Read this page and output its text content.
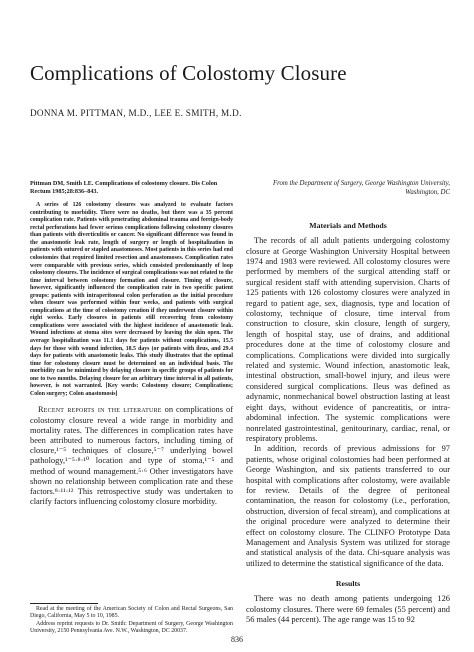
Complications of Colostomy Closure
DONNA M. PITTMAN, M.D., LEE E. SMITH, M.D.

Pittman DM, Smith LE. Complications of colostomy closure. Dis Colon Rectum 1985;28:836–843.

A series of 126 colostomy closures was analyzed to evaluate factors contributing to morbidity. There were no deaths, but there was a 35 percent complication rate. Patients with penetrating abdominal trauma and foreign-body rectal perforations had fewer serious complications following colostomy closures than patients with diverticulitis or cancer. No significant difference was found in the anastomotic leak rate, length of surgery or length of hospitalization in patients with sutured or stapled anastomoses. Most patients in this series had end colostomies that required limited resection and anastomoses. Complication rates were comparable with previous series, which consisted predominantly of loop colostomy closures. The incidence of surgical complications was not related to the time interval between colostomy formation and closure. Timing of closure, however, significantly influenced the complication rate in two specific patient groups: patients with intraperitoneal colon perforation as the initial procedure when closure was performed within four weeks, and patients with surgical complications at the time of colostomy creation if they underwent closure within eight weeks. Early closures in patients still recovering from colostomy complications were associated with the highest incidence of anastomotic leak. Wound infections at stoma sites were decreased by leaving the skin open. The average hospitalization was 11.1 days for patients without complications, 15.5 days for those with wound infection, 18.5 days (or patients with ileus, and 29.4 days for patients with anastomotic leaks. This study illustrates that the optimal time for colostomy closure must be determined on an individual basis. The morbidity can be minimized by delaying closure in specific groups of patients for one to two months. Delaying closure for an arbitrary time interval in all patients, however, is not warranted. [Key words: Colostomy closure; Complications; Colon surgery; Colon anastomosis]

Recent reports in the literature on complications of colostomy closure reveal a wide range in morbidity and mortality rates. The differences in complication rates have been attributed to numerous factors, including timing of closure,¹⁻⁵ techniques of closure,⁵⁻⁷ underlying bowel pathology,¹⁻⁵·⁸·¹⁰ location and type of stoma,¹⁻⁵ and method of wound management.⁵·⁶ Other investigators have shown no relationship between complication rate and these factors.⁸·¹¹·¹² This retrospective study was undertaken to clarify factors influencing colostomy closure morbidity.

Read at the meeting of the American Society of Colon and Rectal Surgeons, San Diego, California, May 5 to 10, 1985.

Address reprint requests to Dr. Smith: Department of Surgery, George Washington University, 2150 Pennsylvania Ave. N.W., Washington, DC 20037.

From the Department of Surgery, George Washington University, Washington, DC

Materials and Methods

The records of all adult patients undergoing colostomy closure at George Washington University Hospital between 1974 and 1983 were reviewed. All colostomy closures were performed by members of the surgical attending staff or surgical resident staff with attending supervision. Charts of 125 patients with 126 colostomy closures were analyzed in regard to patient age, sex, diagnosis, type and location of colostomy, technique of closure, time interval from construction to closure, skin closure, length of surgery, length of hospital stay, use of drains, and additional procedures done at the time of colostomy closure and complications. Complications were divided into surgically related and systemic. Wound infection, anastomotic leak, intestinal obstruction, small-bowel injury, and ileus were considered surgical complications. Ileus was defined as adynamic, nonmechanical bowel obstruction lasting at least eight days, without evidence of pancreatitis, or intra-abdominal infection. The systemic complications were nonrelated gastrointestinal, genitourinary, cardiac, renal, or respiratory problems.

In addition, records of previous admissions for 97 patients, whose original colostomies had been performed at George Washington, and six patients transferred to our hospital with complications after colostomy, were available for review. Details of the degree of peritoneal contamination, the reason for colostomy (i.e., perforation, obstruction, diversion of fecal stream), and complications at the original procedure were analyzed to determine their effect on colostomy closure. The CLINFO Prototype Data Management and Analysis System was utilized for storage and statistical analysis of the data. Chi-square analysis was utilized to determine the statistical significance of the data.

Results

There was no death among patients undergoing 126 colostomy closures. There were 69 females (55 percent) and 56 males (44 percent). The age range was 15 to 92

836
